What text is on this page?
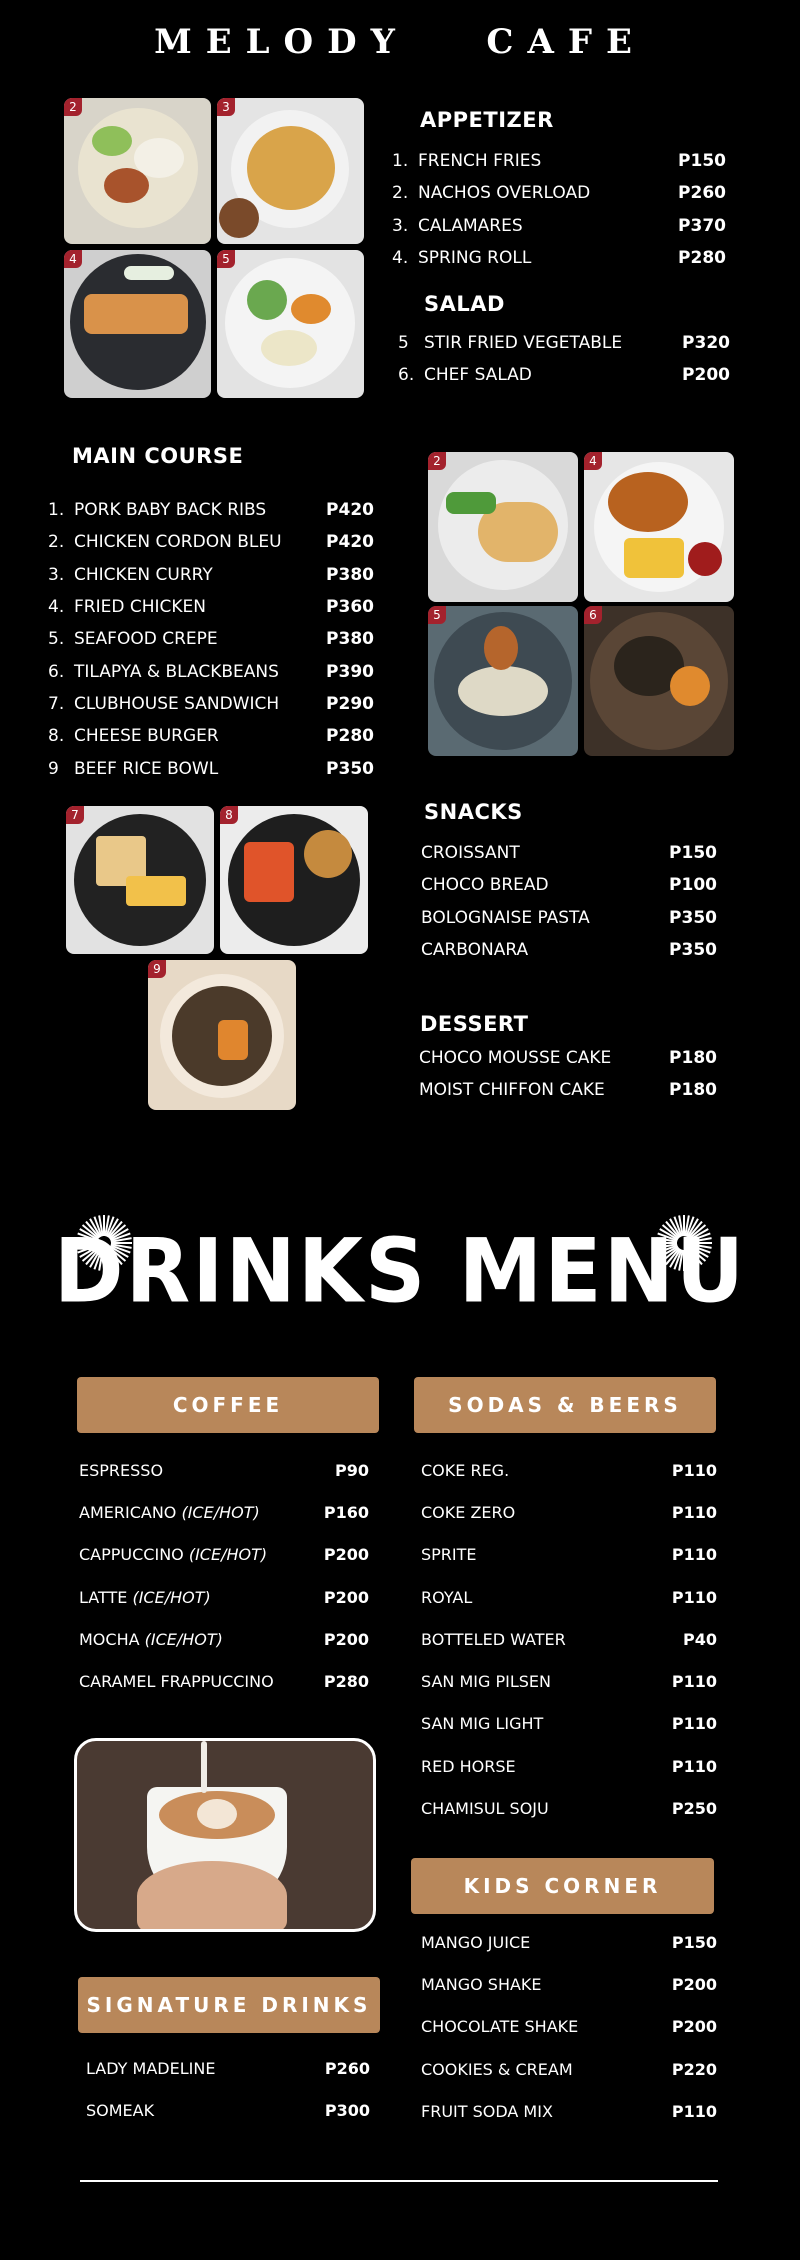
MELODY   CAFE
2	3
4	5
APPETIZER
1. FRENCH FRIES	P150
2. NACHOS OVERLOAD	P260
3. CALAMARES	P370
4. SPRING ROLL	P280
SALAD
5 STIR FRIED VEGETABLE	P320
6. CHEF SALAD	P200
MAIN COURSE
1. PORK BABY BACK RIBS	P420
2. CHICKEN CORDON BLEU	P420
3. CHICKEN CURRY	P380
4. FRIED CHICKEN	P360
5. SEAFOOD CREPE	P380
6. TILAPYA & BLACKBEANS	P390
7. CLUBHOUSE SANDWICH	P290
8. CHEESE BURGER	P280
9 BEEF RICE BOWL	P350
2	4
5	6
7	8
9
SNACKS
CROISSANT	P150
CHOCO BREAD	P100
BOLOGNAISE PASTA	P350
CARBONARA	P350
DESSERT
CHOCO MOUSSE CAKE	P180
MOIST CHIFFON CAKE	P180
DRINKS MENU
COFFEE
ESPRESSO	P90
AMERICANO (ICE/HOT)	P160
CAPPUCCINO (ICE/HOT)	P200
LATTE (ICE/HOT)	P200
MOCHA (ICE/HOT)	P200
CARAMEL FRAPPUCCINO	P280
SIGNATURE DRINKS
LADY MADELINE	P260
SOMEAK	P300
SODAS & BEERS
COKE REG.	P110
COKE ZERO	P110
SPRITE	P110
ROYAL	P110
BOTTELED WATER	P40
SAN MIG PILSEN	P110
SAN MIG LIGHT	P110
RED HORSE	P110
CHAMISUL SOJU	P250
KIDS CORNER
MANGO JUICE	P150
MANGO SHAKE	P200
CHOCOLATE SHAKE	P200
COOKIES & CREAM	P220
FRUIT SODA MIX	P110
